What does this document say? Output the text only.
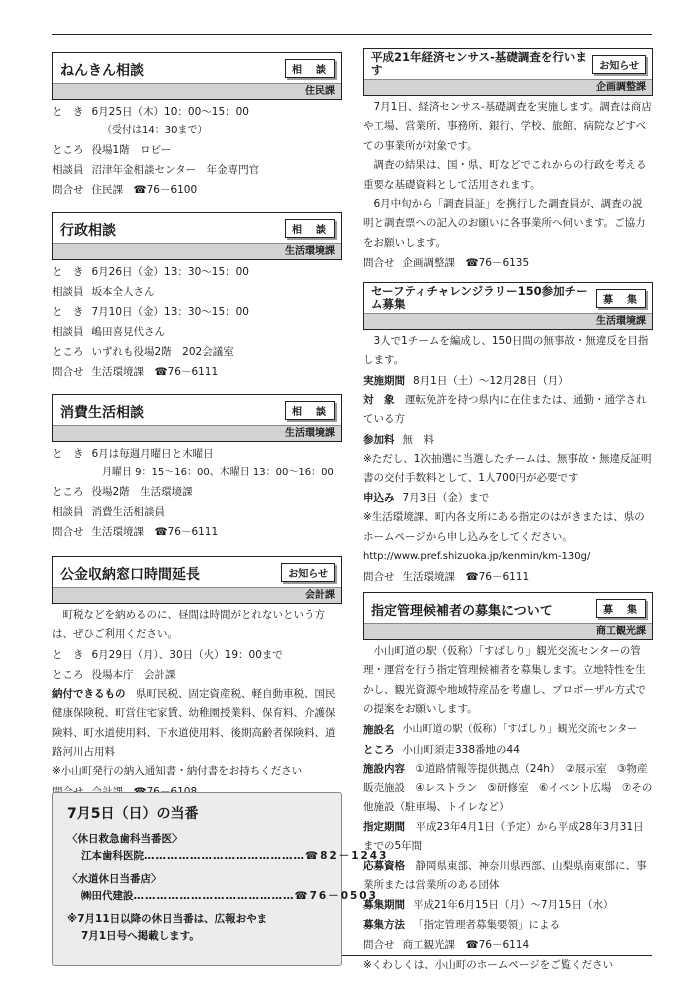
ねんきん相談	相　談
住民課
と　き 6月25日（木）10：00〜15：00
（受付は14：30まで）
ところ 役場1階　ロビー
相談員 沼津年金相談センター　年金専門官
問合せ 住民課　☎76－6100
行政相談	相　談
生活環境課
と　き 6月26日（金）13：30〜15：00
相談員 坂本全人さん
と　き 7月10日（金）13：30〜15：00
相談員 嶋田喜見代さん
ところ いずれも役場2階　202会議室
問合せ 生活環境課　☎76－6111
消費生活相談	相　談
生活環境課
と　き 6月は毎週月曜日と木曜日
月曜日 9：15〜16：00、木曜日 13：00〜16：00
ところ 役場2階　生活環境課
相談員 消費生活相談員
問合せ 生活環境課　☎76－6111
公金収納窓口時間延長	お知らせ
会計課
町税などを納めるのに、昼間は時間がとれないという方は、ぜひご利用ください。
と　き 6月29日（月）、30日（火）19：00まで
ところ 役場本庁　会計課
納付できるもの　 県町民税、固定資産税、軽自動車税、国民健康保険税、町営住宅家賃、幼稚園授業料、保育料、介護保険料、町水道使用料、下水道使用料、後期高齢者保険料、道路河川占用料
※小山町発行の納入通知書・納付書をお持ちください
7月5日（日）の当番
〈休日救急歯科当番医〉
江本歯科医院 …………………………………… ☎82－1243
〈水道休日当番店〉
㈱田代建設 …………………………………… ☎76－0503
※7月11日以降の休日当番は、広報おやま
7月1日号へ掲載します。
平成21年経済センサス‐基礎調査を行います	お知らせ
企画調整課
7月1日、経済センサス‐基礎調査を実施します。調査は商店や工場、営業所、事務所、銀行、学校、旅館、病院などすべての事業所が対象です。
調査の結果は、国・県、町などでこれからの行政を考える重要な基礎資料として活用されます。
6月中旬から「調査員証」を携行した調査員が、調査の説明と調査票への記入のお願いに各事業所へ伺います。ご協力をお願いします。
問合せ 企画調整課　☎76－6135
セーフティチャレンジラリー150参加チーム募集	募　集
生活環境課
3人で1チームを編成し、150日間の無事故・無違反を目指します。
実施期間 8月1日（土）〜12月28日（月）
対　象　 運転免許を持つ県内に在住または、通勤・通学されている方
参加料 無　料
※ただし、1次抽選に当選したチームは、無事故・無違反証明書の交付手数料として、1人700円が必要です
申込み 7月3日（金）まで
※生活環境課、町内各支所にある指定のはがきまたは、県のホームページから申し込みをしてください。
http://www.pref.shizuoka.jp/kenmin/km-130g/
問合せ 生活環境課　☎76－6111
指定管理候補者の募集について	募　集
商工観光課
小山町道の駅（仮称）「すばしり」観光交流センターの管理・運営を行う指定管理候補者を募集します。立地特性を生かし、観光資源や地域特産品を考慮し、プロポーザル方式での提案をお願いします。
施設名 小山町道の駅（仮称）「すばしり」観光交流センター
ところ 小山町須走338番地の44
施設内容　 ①道路情報等提供拠点（24h）　②展示室　③物産販売施設　④レストラン　⑤研修室　⑥イベント広場　⑦その他施設（駐車場、トイレなど）
指定期間　 平成23年4月1日（予定）から平成28年3月31日までの5年間
応募資格　 静岡県東部、神奈川県西部、山梨県南東部に、事業所または営業所のある団体
募集期間 平成21年6月15日（月）〜7月15日（水）
募集方法 「指定管理者募集要領」による
問合せ 商工観光課　☎76－6114
※くわしくは、小山町のホームページをご覧ください
